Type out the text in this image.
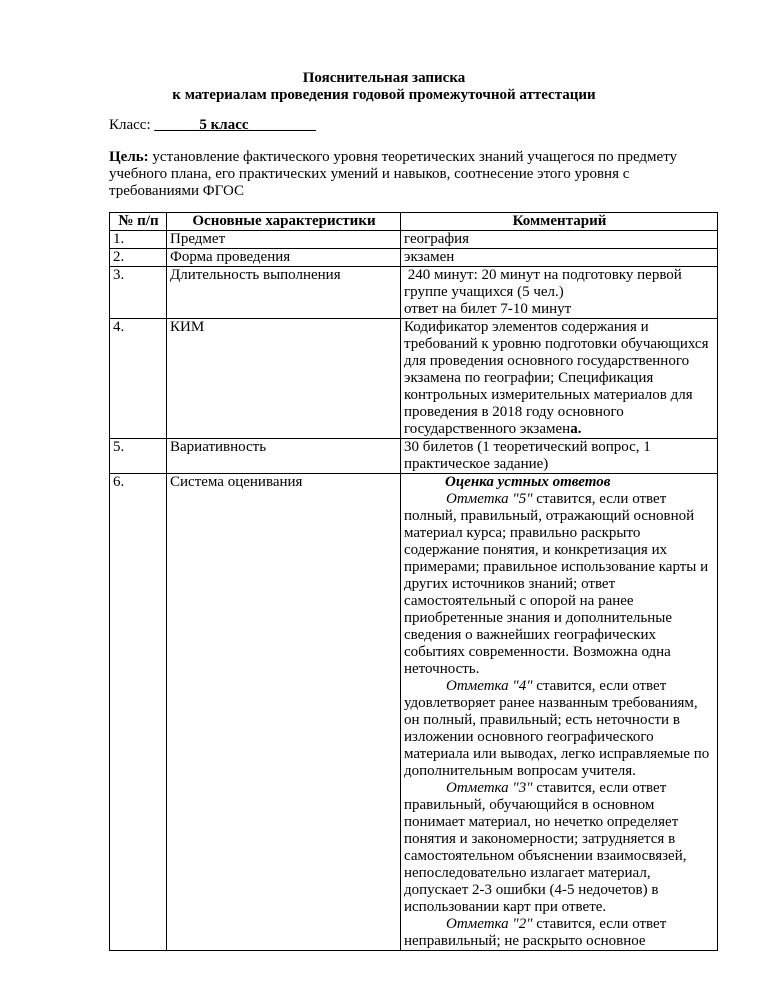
Пояснительная записка
к материалам проведения годовой промежуточной аттестации
Класс: ______5 класс_________
Цель: установление фактического уровня теоретических знаний учащегося по предмету учебного плана, его практических умений и навыков, соотнесение этого уровня с требованиями ФГОС
№ п/п	Основные характеристики	Комментарий
1.	Предмет	география
2.	Форма проведения	экзамен
3.	Длительность выполнения	240 минут: 20 минут на подготовку первой группе учащихся (5 чел.)
ответ на билет 7-10 минут

4.	КИМ	Кодификатор элементов содержания и требований к уровню подготовки обучающихся для проведения основного государственного экзамена по географии; Спецификация контрольных измерительных материалов для проведения в 2018 году основного государственного экзамена.
5.	Вариативность	30 билетов (1 теоретический вопрос, 1 практическое задание)
6.	Система оценивания	Оценка устных ответов
Отметка "5" ставится, если ответ полный, правильный, отражающий основной материал курса; правильно раскрыто содержание понятия, и конкретизация их примерами; правильное использование карты и других источников знаний; ответ самостоятельный с опорой на ранее приобретенные знания и дополнительные сведения о важнейших географических событиях современности. Возможна одна неточность.
Отметка "4" ставится, если ответ удовлетворяет ранее названным требованиям, он полный, правильный; есть неточности в изложении основного географического материала или выводах, легко исправляемые по дополнительным вопросам учителя.
Отметка "3" ставится, если ответ правильный, обучающийся в основном понимает материал, но нечетко определяет понятия и закономерности; затрудняется в самостоятельном объяснении взаимосвязей, непоследовательно излагает материал, допускает 2-3 ошибки (4-5 недочетов) в использовании карт при ответе.
Отметка "2" ставится, если ответ неправильный; не раскрыто основное
